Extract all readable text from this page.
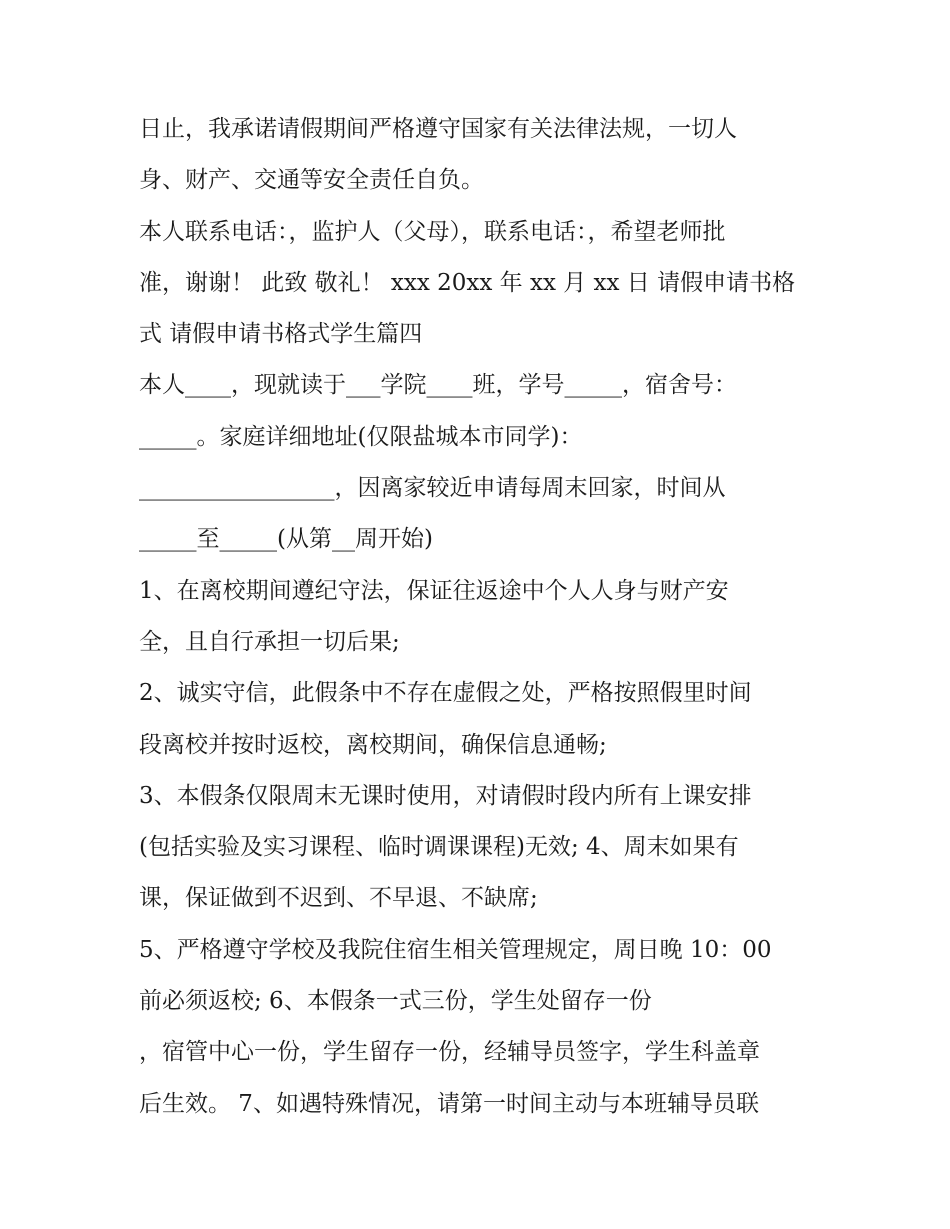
日止，我承诺请假期间严格遵守国家有关法律法规，一切人
身、财产、交通等安全责任自负。
本人联系电话：，监护人（父母），联系电话：，希望老师批
准，谢谢！ 此致 敬礼！ xxx 20xx 年 xx 月 xx 日 请假申请书格
式 请假申请书格式学生篇四
本人____，现就读于___学院____班，学号_____，宿舍号：
_____。家庭详细地址(仅限盐城本市同学)：
_________________，因离家较近申请每周末回家，时间从
_____至_____(从第__周开始)
1、在离校期间遵纪守法，保证往返途中个人人身与财产安
全，且自行承担一切后果;
2、诚实守信，此假条中不存在虚假之处，严格按照假里时间
段离校并按时返校，离校期间，确保信息通畅;
3、本假条仅限周末无课时使用，对请假时段内所有上课安排
(包括实验及实习课程、临时调课课程)无效; 4、周末如果有
课，保证做到不迟到、不早退、不缺席;
5、严格遵守学校及我院住宿生相关管理规定，周日晚 10：00
前必须返校; 6、本假条一式三份，学生处留存一份
，宿管中心一份，学生留存一份，经辅导员签字，学生科盖章
后生效。 7、如遇特殊情况，请第一时间主动与本班辅导员联
